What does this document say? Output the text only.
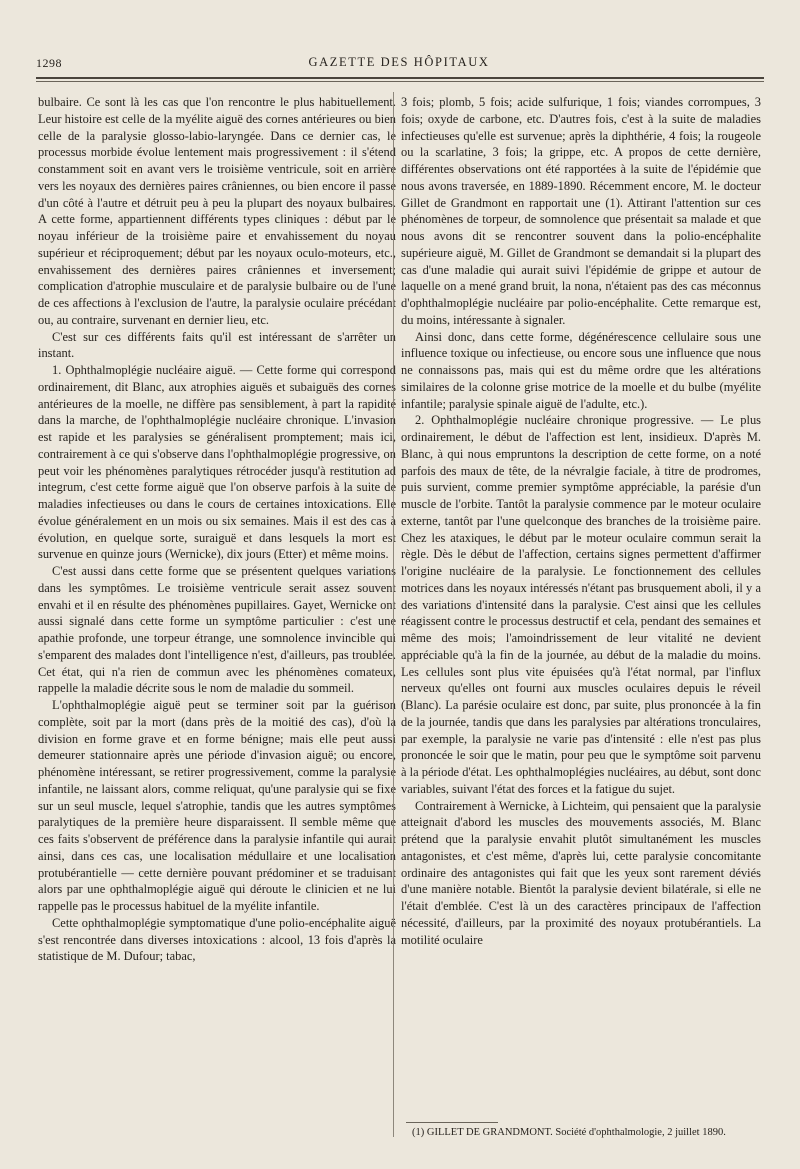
1298	GAZETTE DES HÔPITAUX

bulbaire. Ce sont là les cas que l'on rencontre le plus habituellement. Leur histoire est celle de la myélite aiguë des cornes antérieures ou bien celle de la paralysie glosso-labio-laryngée. Dans ce dernier cas, le processus morbide évolue lentement mais progressivement : il s'étend constamment soit en avant vers le troisième ventricule, soit en arrière vers les noyaux des dernières paires crâniennes, ou bien encore il passe d'un côté à l'autre et détruit peu à peu la plupart des noyaux bulbaires. A cette forme, appartiennent différents types cliniques : début par le noyau inférieur de la troisième paire et envahissement du noyau supérieur et réciproquement; début par les noyaux oculo-moteurs, etc., envahissement des dernières paires crâniennes et inversement; complication d'atrophie musculaire et de paralysie bulbaire ou de l'une de ces affections à l'exclusion de l'autre, la paralysie oculaire précédant ou, au contraire, survenant en dernier lieu, etc.

C'est sur ces différents faits qu'il est intéressant de s'arrêter un instant.

1. Ophthalmoplégie nucléaire aiguë. — Cette forme qui correspond ordinairement, dit Blanc, aux atrophies aiguës et subaiguës des cornes antérieures de la moelle, ne diffère pas sensiblement, à part la rapidité dans la marche, de l'ophthalmoplégie nucléaire chronique. L'invasion est rapide et les paralysies se généralisent promptement; mais ici, contrairement à ce qui s'observe dans l'ophthalmoplégie progressive, on peut voir les phénomènes paralytiques rétrocéder jusqu'à restitution ad integrum, c'est cette forme aiguë que l'on observe parfois à la suite de maladies infectieuses ou dans le cours de certaines intoxications. Elle évolue généralement en un mois ou six semaines. Mais il est des cas à évolution, en quelque sorte, suraiguë et dans lesquels la mort est survenue en quinze jours (Wernicke), dix jours (Etter) et même moins.

C'est aussi dans cette forme que se présentent quelques variations dans les symptômes. Le troisième ventricule serait assez souvent envahi et il en résulte des phénomènes pupillaires. Gayet, Wernicke ont aussi signalé dans cette forme un symptôme particulier : c'est une apathie profonde, une torpeur étrange, une somnolence invincible qui s'emparent des malades dont l'intelligence n'est, d'ailleurs, pas troublée. Cet état, qui n'a rien de commun avec les phénomènes comateux, rappelle la maladie décrite sous le nom de maladie du sommeil.

L'ophthalmoplégie aiguë peut se terminer soit par la guérison complète, soit par la mort (dans près de la moitié des cas), d'où la division en forme grave et en forme bénigne; mais elle peut aussi demeurer stationnaire après une période d'invasion aiguë; ou encore, phénomène intéressant, se retirer progressivement, comme la paralysie infantile, ne laissant alors, comme reliquat, qu'une paralysie qui se fixe sur un seul muscle, lequel s'atrophie, tandis que les autres symptômes paralytiques de la première heure disparaissent. Il semble même que ces faits s'observent de préférence dans la paralysie infantile qui aurait ainsi, dans ces cas, une localisation médullaire et une localisation protubérantielle — cette dernière pouvant prédominer et se traduisant alors par une ophthalmoplégie aiguë qui déroute le clinicien et ne lui rappelle pas le processus habituel de la myélite infantile.

Cette ophthalmoplégie symptomatique d'une polio-encéphalite aiguë s'est rencontrée dans diverses intoxications : alcool, 13 fois d'après la statistique de M. Dufour; tabac,

3 fois; plomb, 5 fois; acide sulfurique, 1 fois; viandes corrompues, 3 fois; oxyde de carbone, etc. D'autres fois, c'est à la suite de maladies infectieuses qu'elle est survenue; après la diphthérie, 4 fois; la rougeole ou la scarlatine, 3 fois; la grippe, etc. A propos de cette dernière, différentes observations ont été rapportées à la suite de l'épidémie que nous avons traversée, en 1889-1890. Récemment encore, M. le docteur Gillet de Grandmont en rapportait une (1). Attirant l'attention sur ces phénomènes de torpeur, de somnolence que présentait sa malade et que nous avons dit se rencontrer souvent dans la polio-encéphalite supérieure aiguë, M. Gillet de Grandmont se demandait si la plupart des cas d'une maladie qui aurait suivi l'épidémie de grippe et autour de laquelle on a mené grand bruit, la nona, n'étaient pas des cas méconnus d'ophthalmoplégie nucléaire par polio-encéphalite. Cette remarque est, du moins, intéressante à signaler.

Ainsi donc, dans cette forme, dégénérescence cellulaire sous une influence toxique ou infectieuse, ou encore sous une influence que nous ne connaissons pas, mais qui est du même ordre que les altérations similaires de la colonne grise motrice de la moelle et du bulbe (myélite infantile; paralysie spinale aiguë de l'adulte, etc.).

2. Ophthalmoplégie nucléaire chronique progressive. — Le plus ordinairement, le début de l'affection est lent, insidieux. D'après M. Blanc, à qui nous empruntons la description de cette forme, on a noté parfois des maux de tête, de la névralgie faciale, à titre de prodromes, puis survient, comme premier symptôme appréciable, la parésie d'un muscle de l'orbite. Tantôt la paralysie commence par le moteur oculaire externe, tantôt par l'une quelconque des branches de la troisième paire. Chez les ataxiques, le début par le moteur oculaire commun serait la règle. Dès le début de l'affection, certains signes permettent d'affirmer l'origine nucléaire de la paralysie. Le fonctionnement des cellules motrices dans les noyaux intéressés n'étant pas brusquement aboli, il y a des variations d'intensité dans la paralysie. C'est ainsi que les cellules réagissent contre le processus destructif et cela, pendant des semaines et même des mois; l'amoindrissement de leur vitalité ne devient appréciable qu'à la fin de la journée, au début de la maladie du moins. Les cellules sont plus vite épuisées qu'à l'état normal, par l'influx nerveux qu'elles ont fourni aux muscles oculaires depuis le réveil (Blanc). La parésie oculaire est donc, par suite, plus prononcée à la fin de la journée, tandis que dans les paralysies par altérations tronculaires, par exemple, la paralysie ne varie pas d'intensité : elle n'est pas plus prononcée le soir que le matin, pour peu que le symptôme soit parvenu à la période d'état. Les ophthalmoplégies nucléaires, au début, sont donc variables, suivant l'état des forces et la fatigue du sujet.

Contrairement à Wernicke, à Lichteim, qui pensaient que la paralysie atteignait d'abord les muscles des mouvements associés, M. Blanc prétend que la paralysie envahit plutôt simultanément les muscles antagonistes, et c'est même, d'après lui, cette paralysie concomitante ordinaire des antagonistes qui fait que les yeux sont rarement déviés d'une manière notable. Bientôt la paralysie devient bilatérale, si elle ne l'était d'emblée. C'est là un des caractères principaux de l'affection nécessité, d'ailleurs, par la proximité des noyaux protubérantiels. La motilité oculaire

(1) GILLET DE GRANDMONT. Société d'ophthalmologie, 2 juillet 1890.
